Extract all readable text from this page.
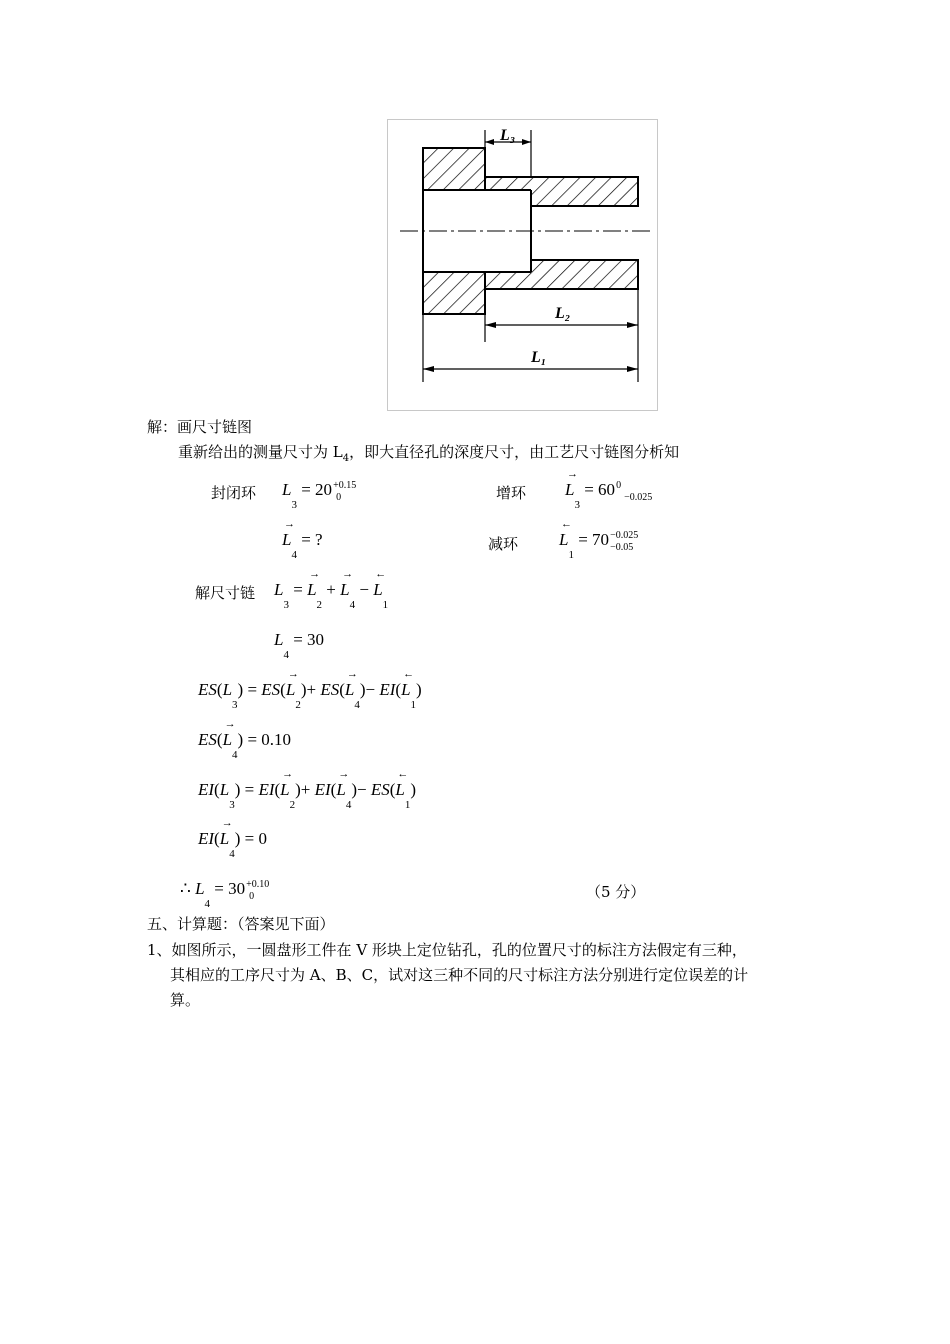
L₃
L₂
L₁
解：画尺寸链图
重新给出的测量尺寸为 $L_4$，即大直径孔的深度尺寸，由工艺尺寸链图分析知
封闭环 $L_3 = 20 +0.15$
0	增环 → $L_3 = 60$ 0
−0.025
→ $L_4$ = ?	减环 ← $L_1 = 70 -0.025$
−0.05
解尺寸链 $L_3$ = → $L_2$ + → $L_4$ − ← $L_1$
$L_4 = 30$
$ES(L_3) = ES(\to L_2)+ ES(\to L_4)-$ EI(← $L_1$)
$ES(\to L_4) = 0.10$
$EI(L_3) = EI(\to L_2)+ EI(\to L_4)-$ ES(← $L_1$)
$EI(\to L_4) = 0$
∴ $L_4 = 30 +0.10$
0	（5 分）
五、计算题：（答案见下面）
1、如图所示，一圆盘形工件在 V 形块上定位钻孔，孔的位置尺寸的标注方法假定有三种，
其相应的工序尺寸为 A、B、C，试对这三种不同的尺寸标注方法分别进行定位误差的计
算。
